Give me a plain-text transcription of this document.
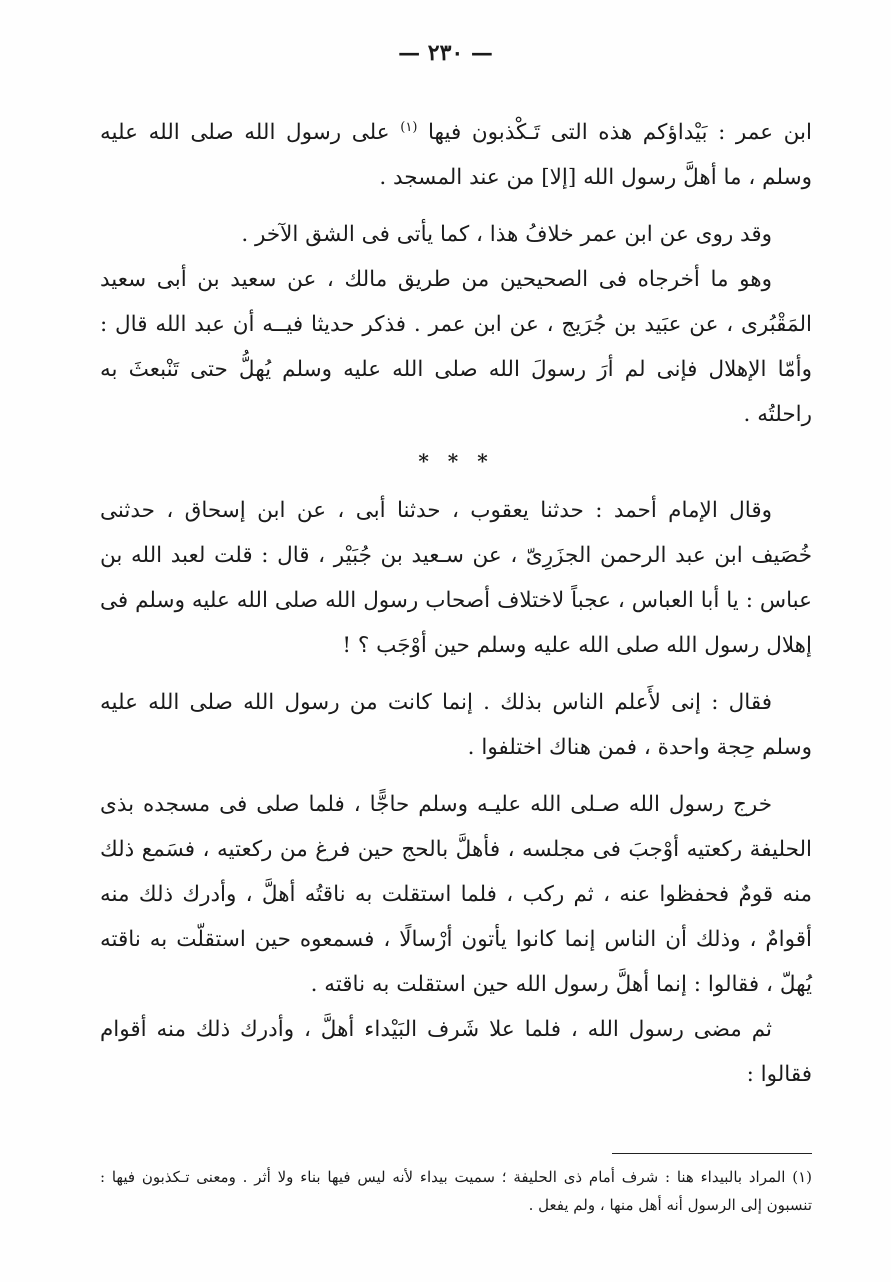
— ٢٣٠ —

ابن عمر : بَيْداؤكم هذه التى تَـكْذبون فيها $^{(١)}$ على رسول الله صلى الله عليه وسلم ، ما أهلَّ رسول الله [إلا] من عند المسجد .

وقد روى عن ابن عمر خلافُ هذا ، كما يأتى فى الشق الآخر .

وهو ما أخرجاه فى الصحيحين من طريق مالك ، عن سعيد بن أبى سعيد المَقْبُرى ، عن عبَيد بن جُرَيج ، عن ابن عمر . فذكر حديثا فيــه أن عبد الله قال : وأمّا الإهلال فإنى لم أرَ رسولَ الله صلى الله عليه وسلم يُهلُّ حتى تَنْبعثَ به راحلتُه .

* * *

وقال الإمام أحمد : حدثنا يعقوب ، حدثنا أبى ، عن ابن إسحاق ، حدثنى خُصَيف ابن عبد الرحمن الجزَرِىّ ، عن سـعيد بن جُبَيْر ، قال : قلت لعبد الله بن عباس : يا أبا العباس ، عجباً لاختلاف أصحاب رسول الله صلى الله عليه وسلم فى إهلال رسول الله صلى الله عليه وسلم حين أوْجَب ؟ !

فقال : إنى لأَعلم الناس بذلك . إنما كانت من رسول الله صلى الله عليه وسلم حِجة واحدة ، فمن هناك اختلفوا .

خرج رسول الله صـلى الله عليـه وسلم حاجًّا ، فلما صلى فى مسجده بذى الحليفة ركعتيه أوْجبَ فى مجلسه ، فأهلَّ بالحج حين فرغ من ركعتيه ، فسَمع ذلك منه قومٌ فحفظوا عنه ، ثم ركب ، فلما استقلت به ناقتُه أهلَّ ، وأدرك ذلك منه أقوامٌ ، وذلك أن الناس إنما كانوا يأتون أرْسالًا ، فسمعوه حين استقلّت به ناقته يُهلّ ، فقالوا : إنما أهلَّ رسول الله حين استقلت به ناقته .

ثم مضى رسول الله ، فلما علا شَرف البَيْداء أهلَّ ، وأدرك ذلك منه أقوام فقالوا :

(١) المراد بالبيداء هنا : شرف أمام ذى الحليفة ؛ سميت بيداء لأنه ليس فيها بناء ولا أثر . ومعنى تـكذبون فيها : تنسبون إلى الرسول أنه أهل منها ، ولم يفعل .
